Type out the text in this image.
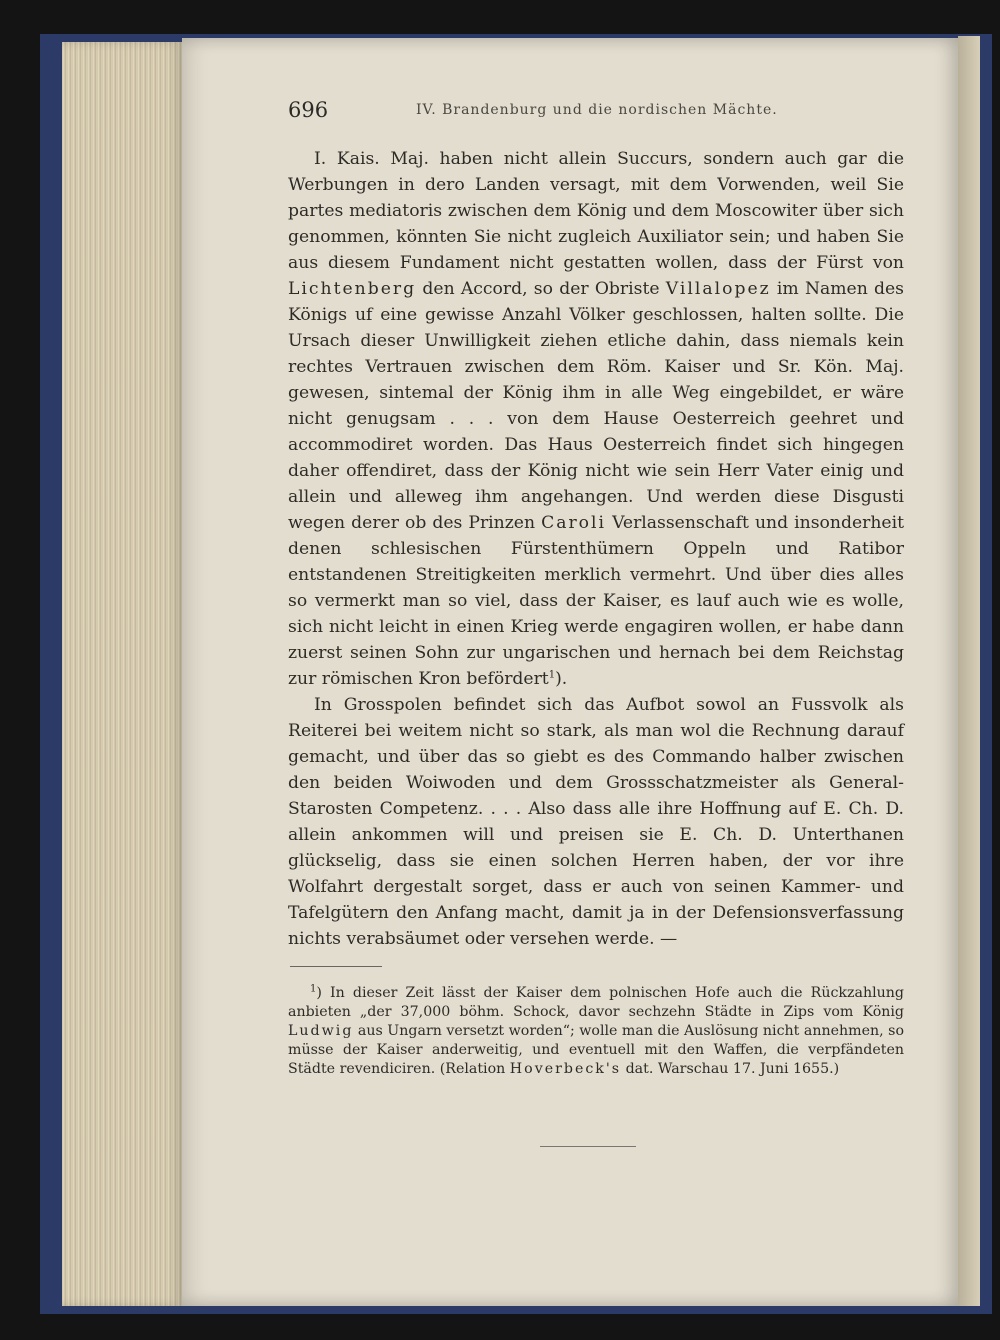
696	IV. Brandenburg und die nordischen Mächte.

I. Kais. Maj. haben nicht allein Succurs, sondern auch gar die Werbungen in dero Landen versagt, mit dem Vorwenden, weil Sie partes mediatoris zwischen dem König und dem Moscowiter über sich genommen, könnten Sie nicht zugleich Auxiliator sein; und haben Sie aus diesem Fundament nicht gestatten wollen, dass der Fürst von Lichtenberg den Accord, so der Obriste Villalopez im Namen des Königs uf eine gewisse Anzahl Völker geschlossen, halten sollte. Die Ursach dieser Unwilligkeit ziehen etliche dahin, dass niemals kein rechtes Vertrauen zwischen dem Röm. Kaiser und Sr. Kön. Maj. gewesen, sintemal der König ihm in alle Weg eingebildet, er wäre nicht genugsam . . . von dem Hause Oesterreich geehret und accommodiret worden. Das Haus Oesterreich findet sich hingegen daher offendiret, dass der König nicht wie sein Herr Vater einig und allein und alleweg ihm angehangen. Und werden diese Disgusti wegen derer ob des Prinzen Caroli Verlassenschaft und insonderheit denen schlesischen Fürstenthümern Oppeln und Ratibor entstandenen Streitigkeiten merklich vermehrt. Und über dies alles so vermerkt man so viel, dass der Kaiser, es lauf auch wie es wolle, sich nicht leicht in einen Krieg werde engagiren wollen, er habe dann zuerst seinen Sohn zur ungarischen und hernach bei dem Reichstag zur römischen Kron befördert$^1$).

In Grosspolen befindet sich das Aufbot sowol an Fussvolk als Reiterei bei weitem nicht so stark, als man wol die Rechnung darauf gemacht, und über das so giebt es des Commando halber zwischen den beiden Woiwoden und dem Grossschatzmeister als General-Starosten Competenz. . . . Also dass alle ihre Hoffnung auf E. Ch. D. allein ankommen will und preisen sie E. Ch. D. Unterthanen glückselig, dass sie einen solchen Herren haben, der vor ihre Wolfahrt dergestalt sorget, dass er auch von seinen Kammer- und Tafelgütern den Anfang macht, damit ja in der Defensionsverfassung nichts verabsäumet oder versehen werde. —

$^1$) In dieser Zeit lässt der Kaiser dem polnischen Hofe auch die Rückzahlung anbieten „der 37,000 böhm. Schock, davor sechzehn Städte in Zips vom König Ludwig aus Ungarn versetzt worden“; wolle man die Auslösung nicht annehmen, so müsse der Kaiser anderweitig, und eventuell mit den Waffen, die verpfändeten Städte revendiciren. (Relation Hoverbeck's dat. Warschau 17. Juni 1655.)
